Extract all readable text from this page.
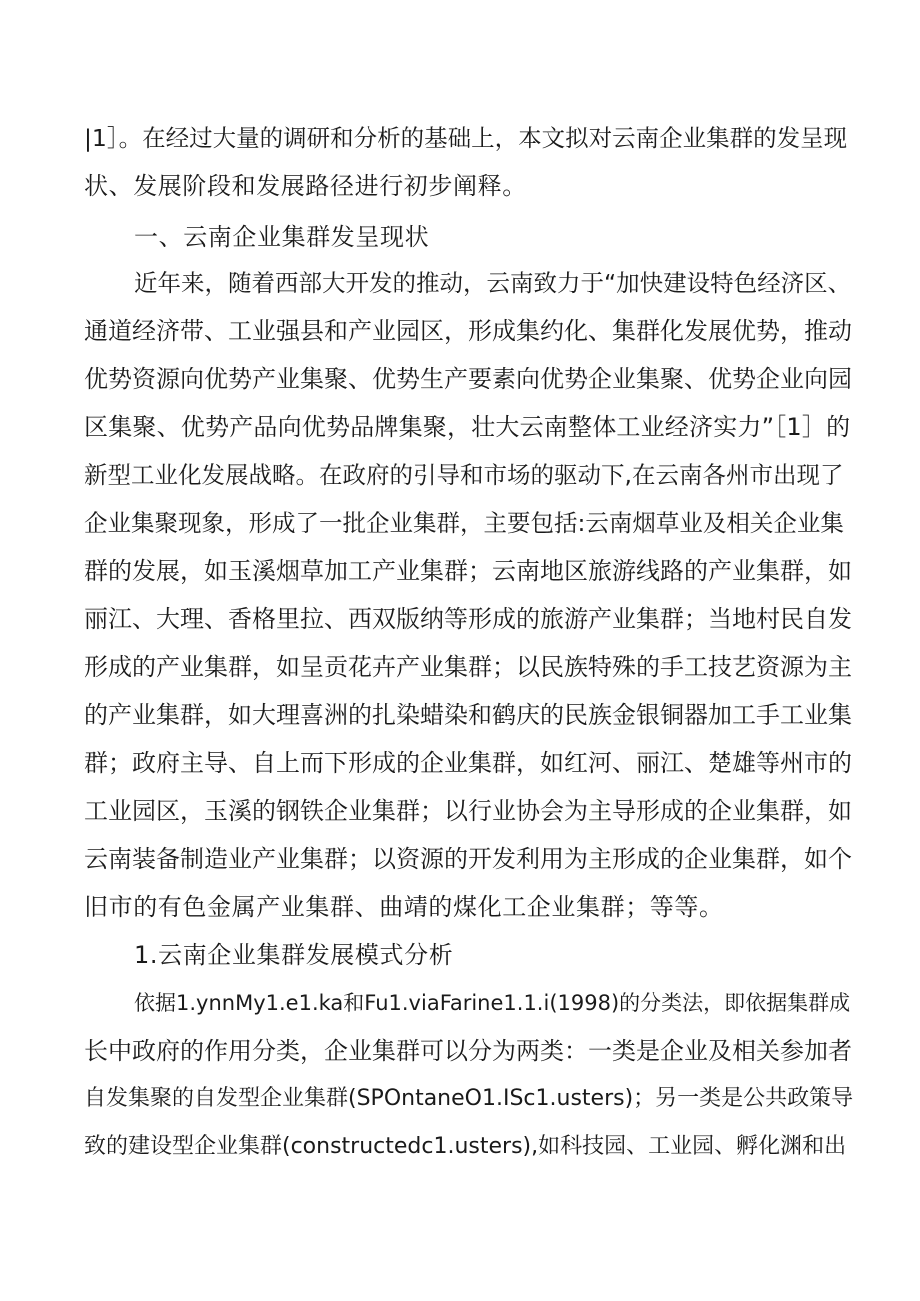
|1］。在经过大量的调研和分析的基础上，本文拟对云南企业集群的发呈现
状、发展阶段和发展路径进行初步阐释。
一、云南企业集群发呈现状
近年来，随着西部大开发的推动，云南致力于“加快建设特色经济区、
通道经济带、工业强县和产业园区，形成集约化、集群化发展优势，推动
优势资源向优势产业集聚、优势生产要素向优势企业集聚、优势企业向园
区集聚、优势产品向优势品牌集聚，壮大云南整体工业经济实力”［1］的
新型工业化发展战略。在政府的引导和市场的驱动下,在云南各州市出现了
企业集聚现象，形成了一批企业集群，主要包括:云南烟草业及相关企业集
群的发展，如玉溪烟草加工产业集群；云南地区旅游线路的产业集群，如
丽江、大理、香格里拉、西双版纳等形成的旅游产业集群；当地村民自发
形成的产业集群，如呈贡花卉产业集群；以民族特殊的手工技艺资源为主
的产业集群，如大理喜洲的扎染蜡染和鹤庆的民族金银铜器加工手工业集
群；政府主导、自上而下形成的企业集群，如红河、丽江、楚雄等州市的
工业园区，玉溪的钢铁企业集群；以行业协会为主导形成的企业集群，如
云南装备制造业产业集群；以资源的开发利用为主形成的企业集群，如个
旧市的有色金属产业集群、曲靖的煤化工企业集群；等等。
1.云南企业集群发展模式分析
依据1.ynnMy1.e1.ka和Fu1.viaFarine1.1.i(1998)的分类法，即依据集群成
长中政府的作用分类，企业集群可以分为两类：一类是企业及相关参加者
自发集聚的自发型企业集群(SPOntaneO1.ISc1.usters)；另一类是公共政策导
致的建设型企业集群(constructedc1.usters),如科技园、工业园、孵化渊和出
